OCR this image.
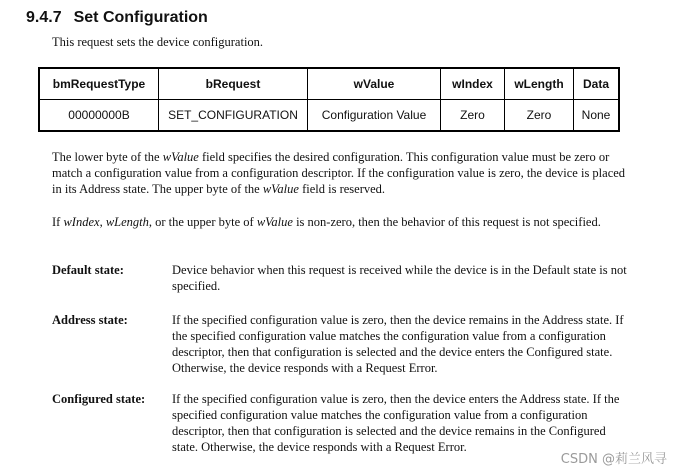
9.4.7 Set Configuration
This request sets the device configuration.
bmRequestType	bRequest	wValue	wIndex	wLength	Data
00000000B	SET_CONFIGURATION	Configuration Value	Zero	Zero	None
The lower byte of the wValue field specifies the desired configuration. This configuration value must be zero or match a configuration value from a configuration descriptor. If the configuration value is zero, the device is placed in its Address state. The upper byte of the wValue field is reserved.
If wIndex, wLength, or the upper byte of wValue is non-zero, then the behavior of this request is not specified.
Default state:	Device behavior when this request is received while the device is in the Default state is not specified.
Address state:	If the specified configuration value is zero, then the device remains in the Address state. If the specified configuration value matches the configuration value from a configuration descriptor, then that configuration is selected and the device enters the Configured state. Otherwise, the device responds with a Request Error.
Configured state: If the specified configuration value is zero, then the device enters the Address state. If the specified configuration value matches the configuration value from a configuration descriptor, then that configuration is selected and the device remains in the Configured state. Otherwise, the device responds with a Request Error.
CSDN @莉兰风寻
